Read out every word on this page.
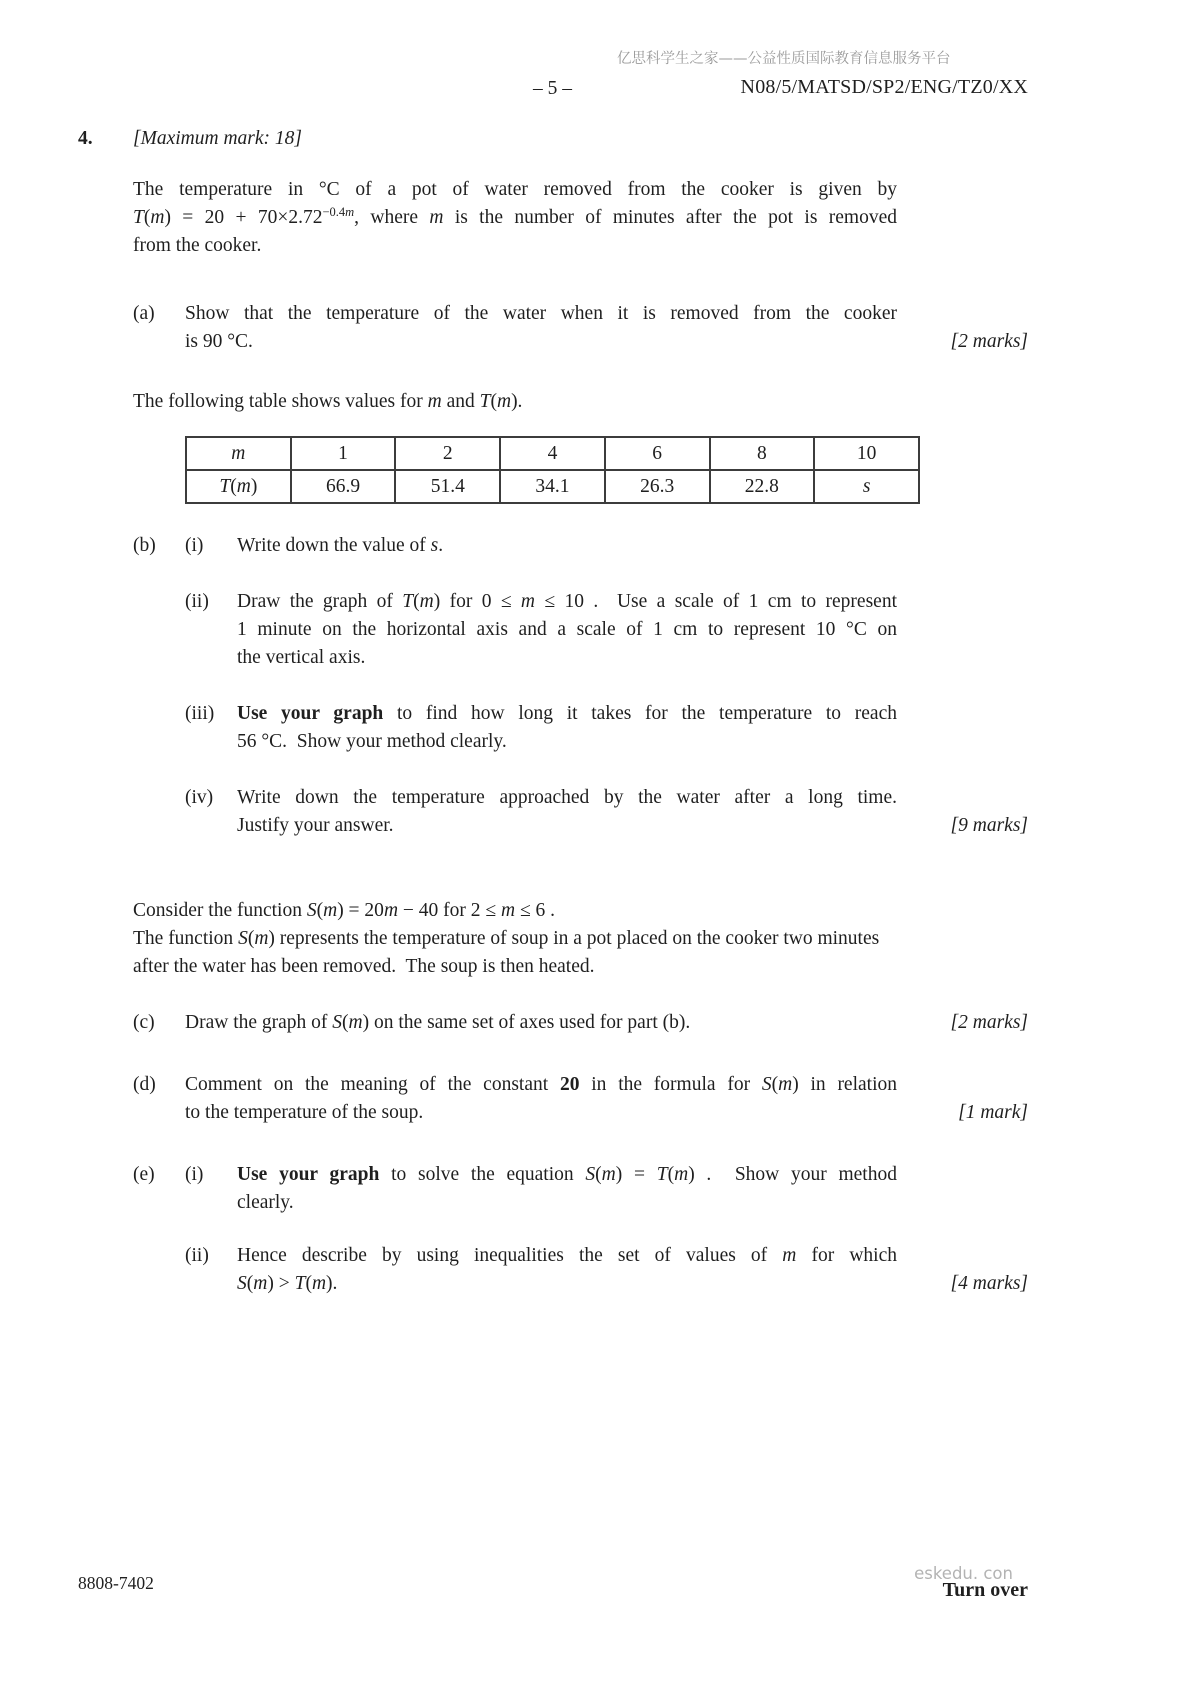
亿思科学生之家——公益性质国际教育信息服务平台
– 5 –	N08/5/MATSD/SP2/ENG/TZ0/XX
4. [Maximum mark: 18]
The temperature in °C of a pot of water removed from the cooker is given by
$T(m) = 20 + 70\times 2.72^{-0.4m}$, where m is the number of minutes after the pot is removed
from the cooker.
(a)	Show that the temperature of the water when it is removed from the cooker
is 90 °C.	[2 marks]
The following table shows values for m and T(m).
m	1	2	4	6	8	10
T(m)	66.9	51.4	34.1	26.3	22.8	s
(b)	(i)	Write down the value of s.
(ii)	Draw the graph of T(m) for 0 ≤ m ≤ 10 .  Use a scale of 1 cm to represent
1 minute on the horizontal axis and a scale of 1 cm to represent 10 °C on
the vertical axis.
(iii)	Use your graph to find how long it takes for the temperature to reach
56 °C.  Show your method clearly.
(iv)	Write down the temperature approached by the water after a long time.
Justify your answer.	[9 marks]
Consider the function S(m) = 20m − 40 for 2 ≤ m ≤ 6 .
The function S(m) represents the temperature of soup in a pot placed on the cooker two minutes
after the water has been removed.  The soup is then heated.
(c)	Draw the graph of S(m) on the same set of axes used for part (b).	[2 marks]
(d)	Comment on the meaning of the constant 20 in the formula for S(m) in relation
to the temperature of the soup.	[1 mark]
(e)	(i)	Use your graph to solve the equation S(m) = T(m) .  Show your method
clearly.
(ii)	Hence describe by using inequalities the set of values of m for which
S(m) > T(m).	[4 marks]
8808-7402	eskedu. con
Turn over
